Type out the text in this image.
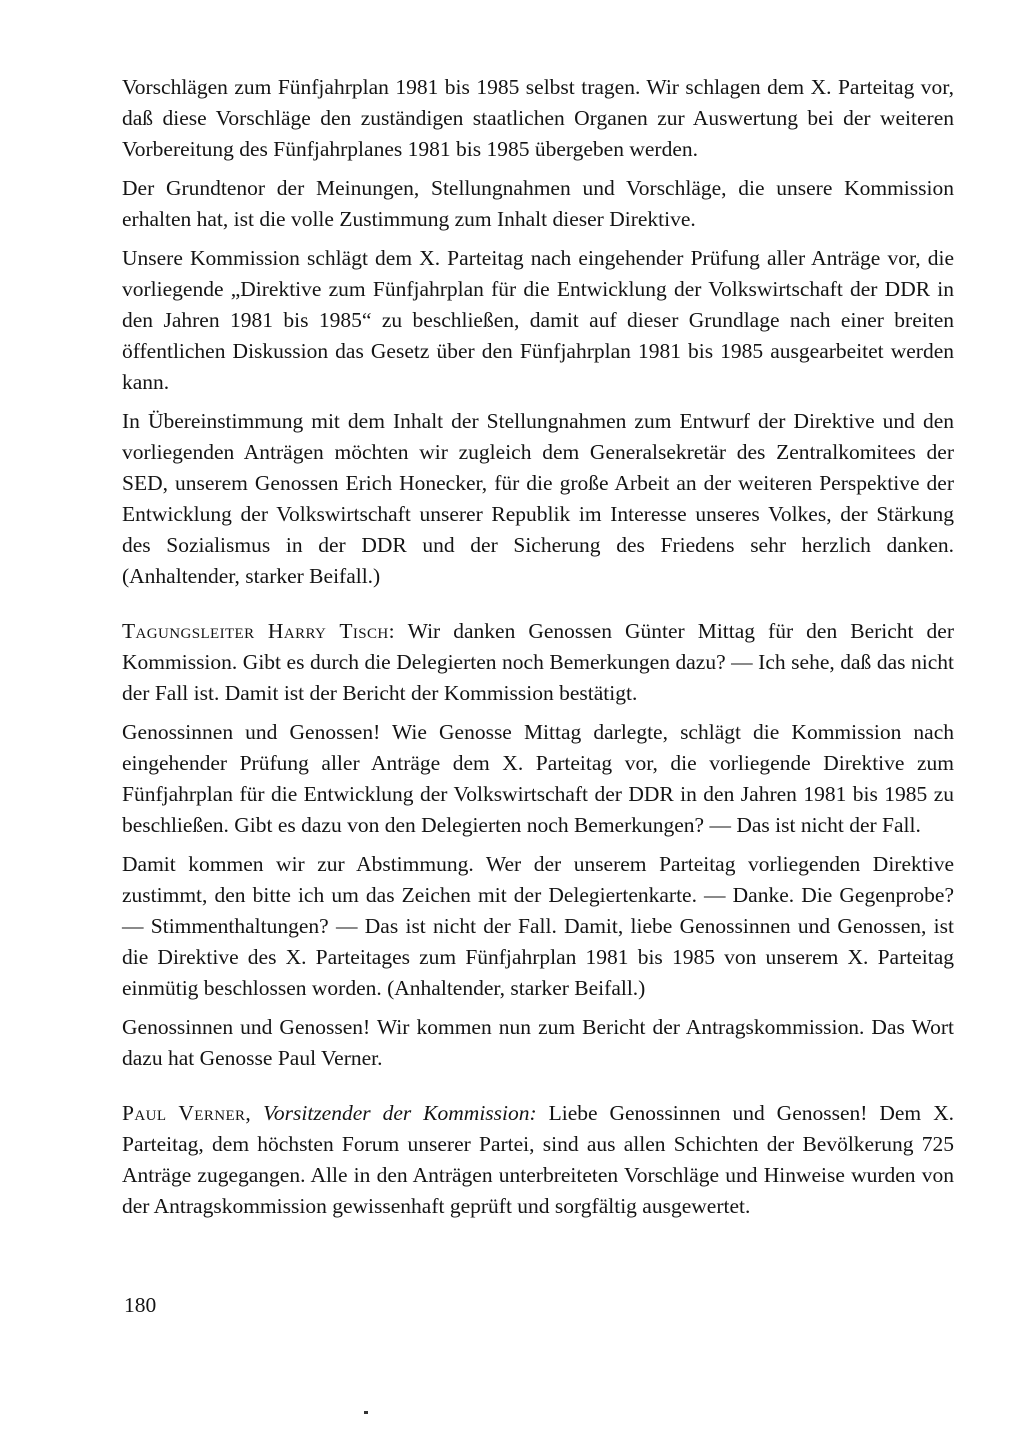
Vorschlägen zum Fünfjahrplan 1981 bis 1985 selbst tragen. Wir schlagen dem X. Parteitag vor, daß diese Vorschläge den zuständigen staatlichen Organen zur Auswertung bei der weiteren Vorbereitung des Fünfjahrplanes 1981 bis 1985 übergeben werden.

Der Grundtenor der Meinungen, Stellungnahmen und Vorschläge, die unsere Kommission erhalten hat, ist die volle Zustimmung zum Inhalt dieser Direktive.

Unsere Kommission schlägt dem X. Parteitag nach eingehender Prüfung aller Anträge vor, die vorliegende „Direktive zum Fünfjahrplan für die Entwicklung der Volkswirtschaft der DDR in den Jahren 1981 bis 1985“ zu beschließen, damit auf dieser Grundlage nach einer breiten öffentlichen Diskussion das Gesetz über den Fünfjahrplan 1981 bis 1985 ausgearbeitet werden kann.

In Übereinstimmung mit dem Inhalt der Stellungnahmen zum Entwurf der Direktive und den vorliegenden Anträgen möchten wir zugleich dem Generalsekretär des Zentralkomitees der SED, unserem Genossen Erich Honecker, für die große Arbeit an der weiteren Perspektive der Entwicklung der Volkswirtschaft unserer Republik im Interesse unseres Volkes, der Stärkung des Sozialismus in der DDR und der Sicherung des Friedens sehr herzlich danken. (Anhaltender, starker Beifall.)

Tagungsleiter Harry Tisch: Wir danken Genossen Günter Mittag für den Bericht der Kommission. Gibt es durch die Delegierten noch Bemerkungen dazu? — Ich sehe, daß das nicht der Fall ist. Damit ist der Bericht der Kommission bestätigt.

Genossinnen und Genossen! Wie Genosse Mittag darlegte, schlägt die Kommission nach eingehender Prüfung aller Anträge dem X. Parteitag vor, die vorliegende Direktive zum Fünfjahrplan für die Entwicklung der Volkswirtschaft der DDR in den Jahren 1981 bis 1985 zu beschließen. Gibt es dazu von den Delegierten noch Bemerkungen? — Das ist nicht der Fall.

Damit kommen wir zur Abstimmung. Wer der unserem Parteitag vorliegenden Direktive zustimmt, den bitte ich um das Zeichen mit der Delegiertenkarte. — Danke. Die Gegenprobe? — Stimmenthaltungen? — Das ist nicht der Fall. Damit, liebe Genossinnen und Genossen, ist die Direktive des X. Parteitages zum Fünfjahrplan 1981 bis 1985 von unserem X. Parteitag einmütig beschlossen worden. (Anhaltender, starker Beifall.)

Genossinnen und Genossen! Wir kommen nun zum Bericht der Antragskommission. Das Wort dazu hat Genosse Paul Verner.

Paul Verner, Vorsitzender der Kommission: Liebe Genossinnen und Genossen! Dem X. Parteitag, dem höchsten Forum unserer Partei, sind aus allen Schichten der Bevölkerung 725 Anträge zugegangen. Alle in den Anträgen unterbreiteten Vorschläge und Hinweise wurden von der Antragskommission gewissenhaft geprüft und sorgfältig ausgewertet.

180
